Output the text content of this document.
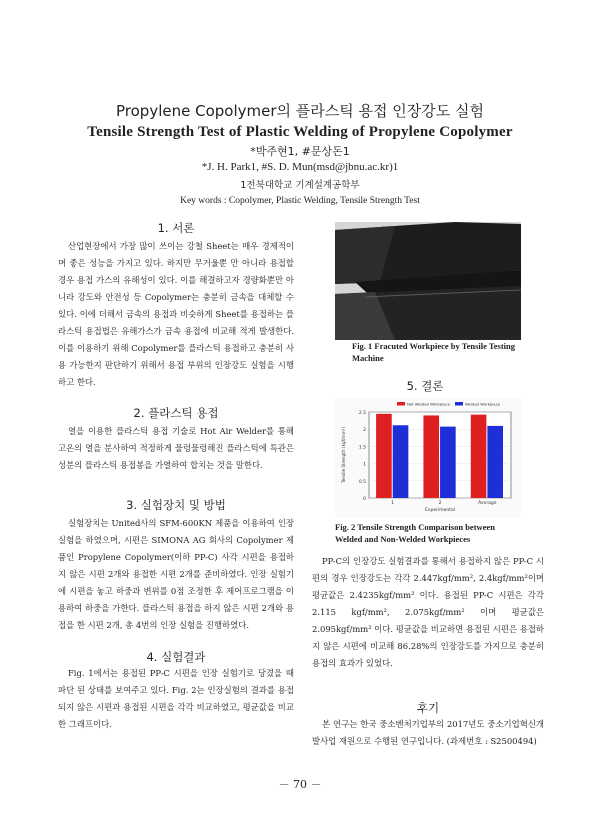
Propylene Copolymer의 플라스틱 용접 인장강도 실험
Tensile Strength Test of Plastic Welding of Propylene Copolymer
*박주현1, #문상돈1
*J. H. Park1, #S. D. Mun(msd@jbnu.ac.kr)1
1전북대학교 기계설계공학부
Key words : Copolymer, Plastic Welding, Tensile Strength Test
1. 서론

산업현장에서 가장 많이 쓰이는 강철 Sheet는 매우 경제적이며 좋은 성능을 가지고 있다. 하지만 무거울뿐 만 아니라 용접할 경우 용접 가스의 유해성이 있다. 이를 해결하고자 경량화뿐만 아니라 강도와 안전성 등 Copolymer는 충분히 금속을 대체할 수 있다. 이에 더해서 금속의 용접과 비슷하게 Sheet를 용접하는 플라스틱 용접법은 유해가스가 금속 용접에 비교해 적게 발생한다. 이를 이용하기 위해 Copolymer를 플라스틱 용접하고 충분히 사용 가능한지 판단하기 위해서 용접 부위의 인장강도 실험을 시행하고 한다.

2. 플라스틱 용접

열을 이용한 플라스틱 용접 기술로 Hot Air Welder를 통해 고온의 열을 분사하여 적정하게 물렁물렁해진 플라스틱에 특관은 성분의 플라스틱 용접봉을 가열하여 합치는 것을 말한다.

3. 실험장치 및 방법

실험장치는 United사의 SFM-600KN 제품을 이용하여 인장실험을 하였으며, 시편은 SIMONA AG 회사의 Copolymer 제품인 Propylene Copolymer(이하 PP-C) 사각 시편을 용접하지 않은 시편 2개와 용접한 시편 2개를 준비하였다. 인장 실험기에 시편을 놓고 하중과 변위를 0점 조정한 후 제어프로그램을 이용하여 하중을 가한다. 플라스틱 용접을 하지 않은 시편 2개와 용접을 한 시편 2개, 총 4번의 인장 실험을 진행하였다.

4. 실험결과

Fig. 1에서는 용접된 PP-C 시편을 인장 실험기로 당겼을 때 파단 된 상태를 보여주고 있다. Fig. 2는 인장실험의 결과를 용접되지 않은 시편과 용접된 시편을 각각 비교하였고, 평균값을 비교한 그래프이다.

Fig. 1 Fracuted Workpiece by Tensile Testing Machine
5. 결론
0
0.5
1
1.5
2
2.5
1	2	Average
Experimental
Tensile Strength (kgf/mm²)
Not Welded Workpiece	Welded Workpiece
Fig. 2 Tensile Strength Comparison between Welded and Non-Welded Workpieces

PP-C의 인장강도 실험결과를 통해서 용접하지 않은 PP-C 시편의 경우 인장강도는 각각 2.447kgf/mm², 2.4kgf/mm²이며 평균값은 2.4235kgf/mm² 이다. 용접된 PP-C 시편은 각각 2.115 kgf/mm², 2.075kgf/mm² 이며 평균값은 2.095kgf/mm² 이다. 평균값을 비교하면 용접된 시편은 용접하지 않은 시편에 비교해 86.28%의 인장강도를 가지므로 충분히 용접의 효과가 있었다.

후기

본 연구는 한국 중소벤처기업부의 2017년도 중소기업혁신개발사업 재원으로 수행된 연구입니다. (과제번호 : S2500494)

－ 70 －
